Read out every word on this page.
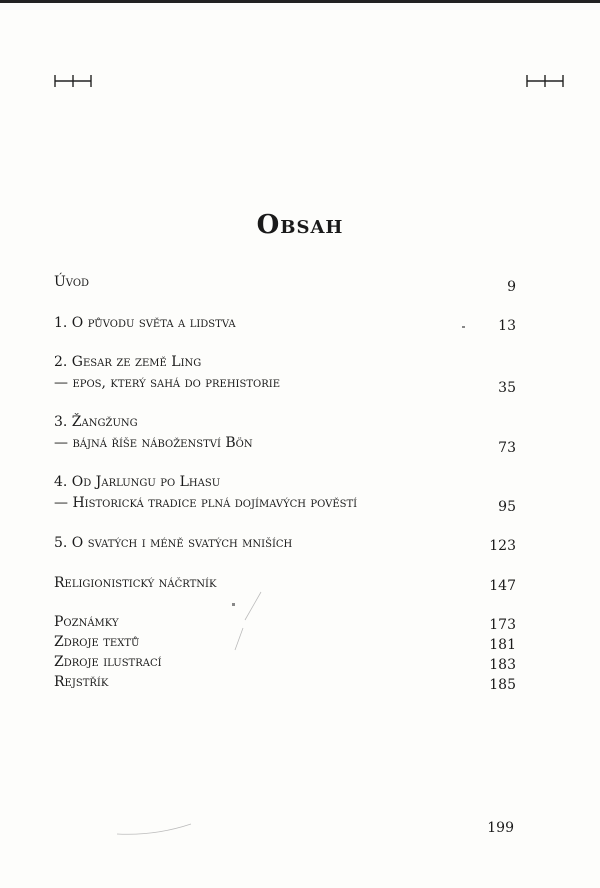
Obsah
Úvod	9
1. O původu světa a lidstva	13
2. Gesar ze země Ling
— epos, který sahá do prehistorie	35
3. Žangžung
— bájná říše náboženství Bön	73
4. Od Jarlungu po Lhasu
— Historická tradice plná dojímavých pověstí	95
5. O svatých i méně svatých mniších	123
Religionistický náčrtník	147
Poznámky	173
Zdroje textů	181
Zdroje ilustrací	183
Rejstřík	185
199
